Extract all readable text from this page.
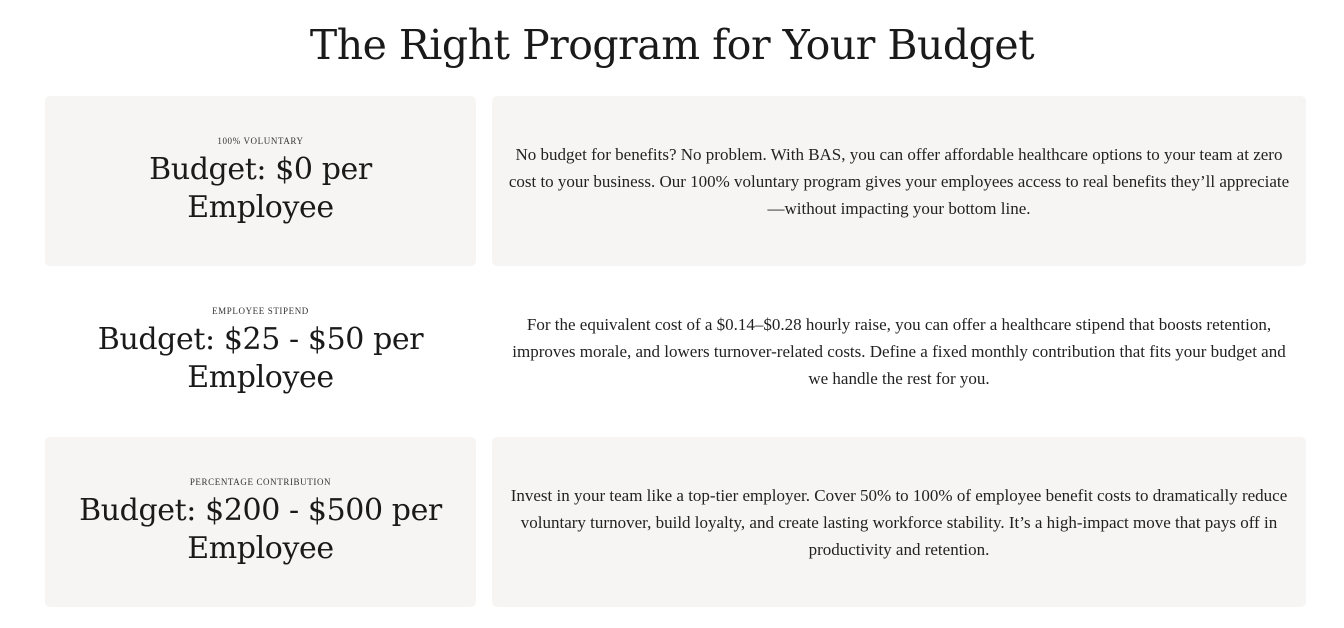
The Right Program for Your Budget
100% VOLUNTARY
Budget: $0 per Employee

No budget for benefits? No problem. With BAS, you can offer affordable healthcare options to your team at zero cost to your business. Our 100% voluntary program gives your employees access to real benefits they’ll appreciate—without impacting your bottom line.

EMPLOYEE STIPEND
Budget: $25 - $50 per Employee

For the equivalent cost of a $0.14–$0.28 hourly raise, you can offer a healthcare stipend that boosts retention, improves morale, and lowers turnover-related costs. Define a fixed monthly contribution that fits your budget and we handle the rest for you.

PERCENTAGE CONTRIBUTION
Budget: $200 - $500 per Employee

Invest in your team like a top-tier employer. Cover 50% to 100% of employee benefit costs to dramatically reduce voluntary turnover, build loyalty, and create lasting workforce stability. It’s a high-impact move that pays off in productivity and retention.
